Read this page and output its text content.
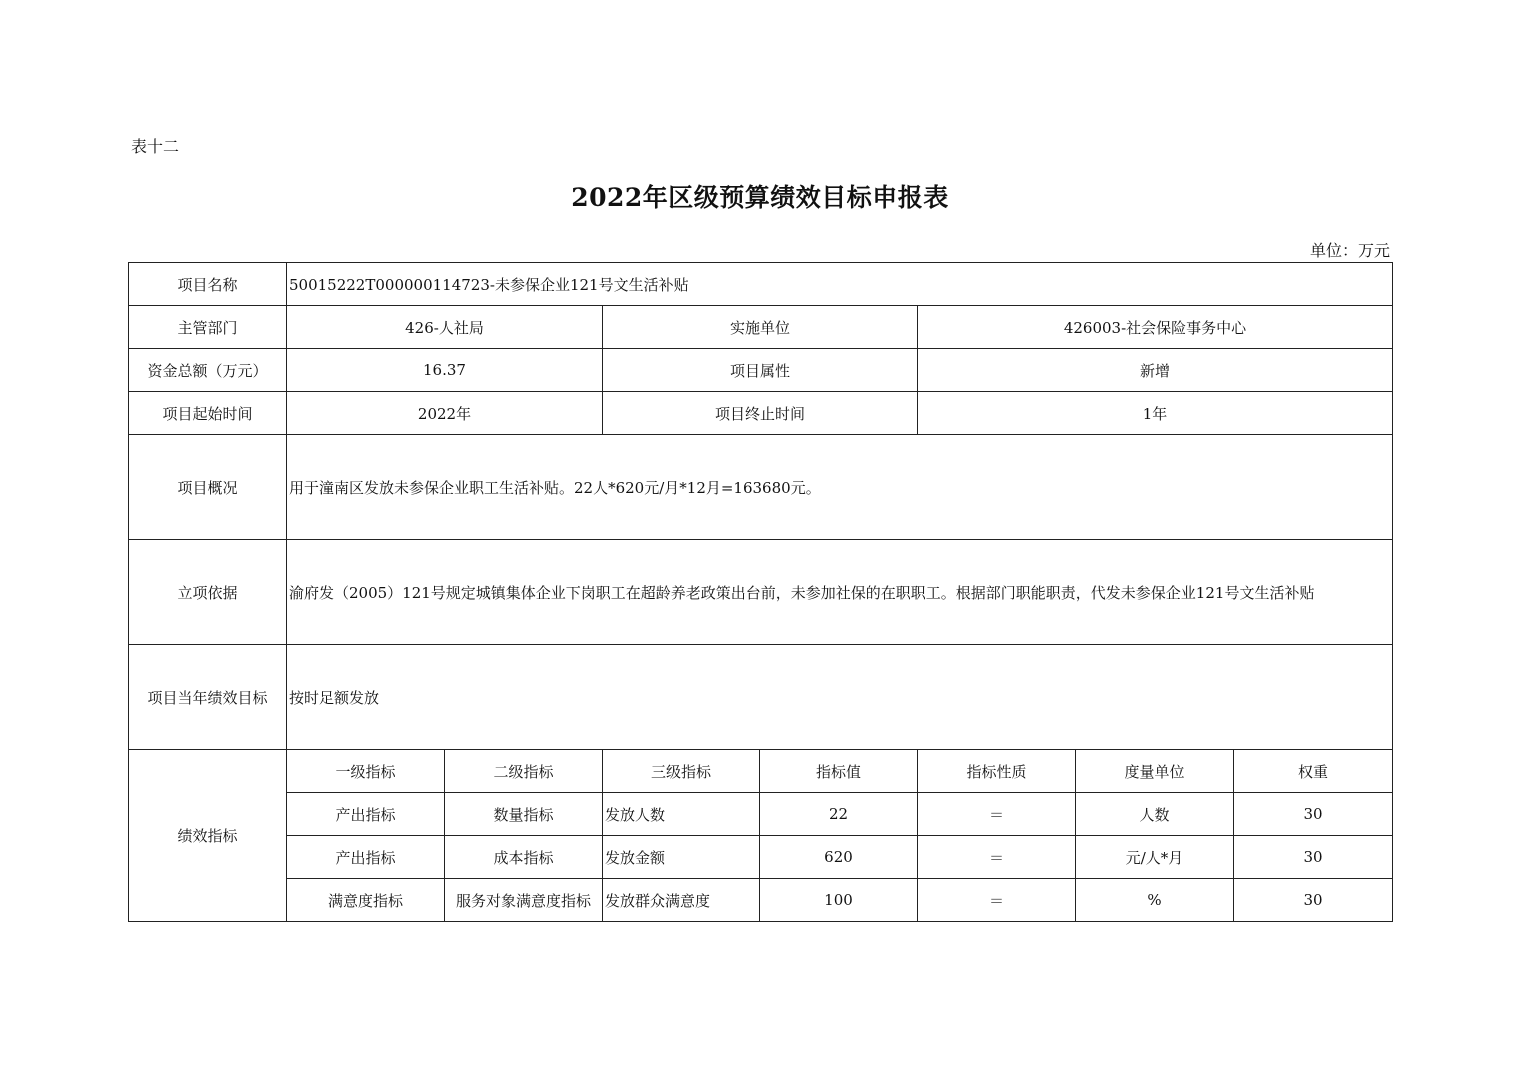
表十二
2022年区级预算绩效目标申报表
单位：万元
项目名称	50015222T000000114723-未参保企业121号文生活补贴						
主管部门	426-人社局		实施单位		426003-社会保险事务中心		
资金总额（万元）	16.37		项目属性		新增		
项目起始时间	2022年		项目终止时间		1年		
项目概况	用于潼南区发放未参保企业职工生活补贴。22人*620元/月*12月=163680元。						
立项依据	渝府发（2005）121号规定城镇集体企业下岗职工在超龄养老政策出台前，未参加社保的在职职工。根据部门职能职责，代发未参保企业121号文生活补贴						
项目当年绩效目标	按时足额发放						
绩效指标	一级指标	二级指标	三级指标	指标值	指标性质	度量单位	权重
	产出指标	数量指标	发放人数	22	＝	人数	30
	产出指标	成本指标	发放金额	620	＝	元/人*月	30
	满意度指标	服务对象满意度指标	发放群众满意度	100	＝	%	30
